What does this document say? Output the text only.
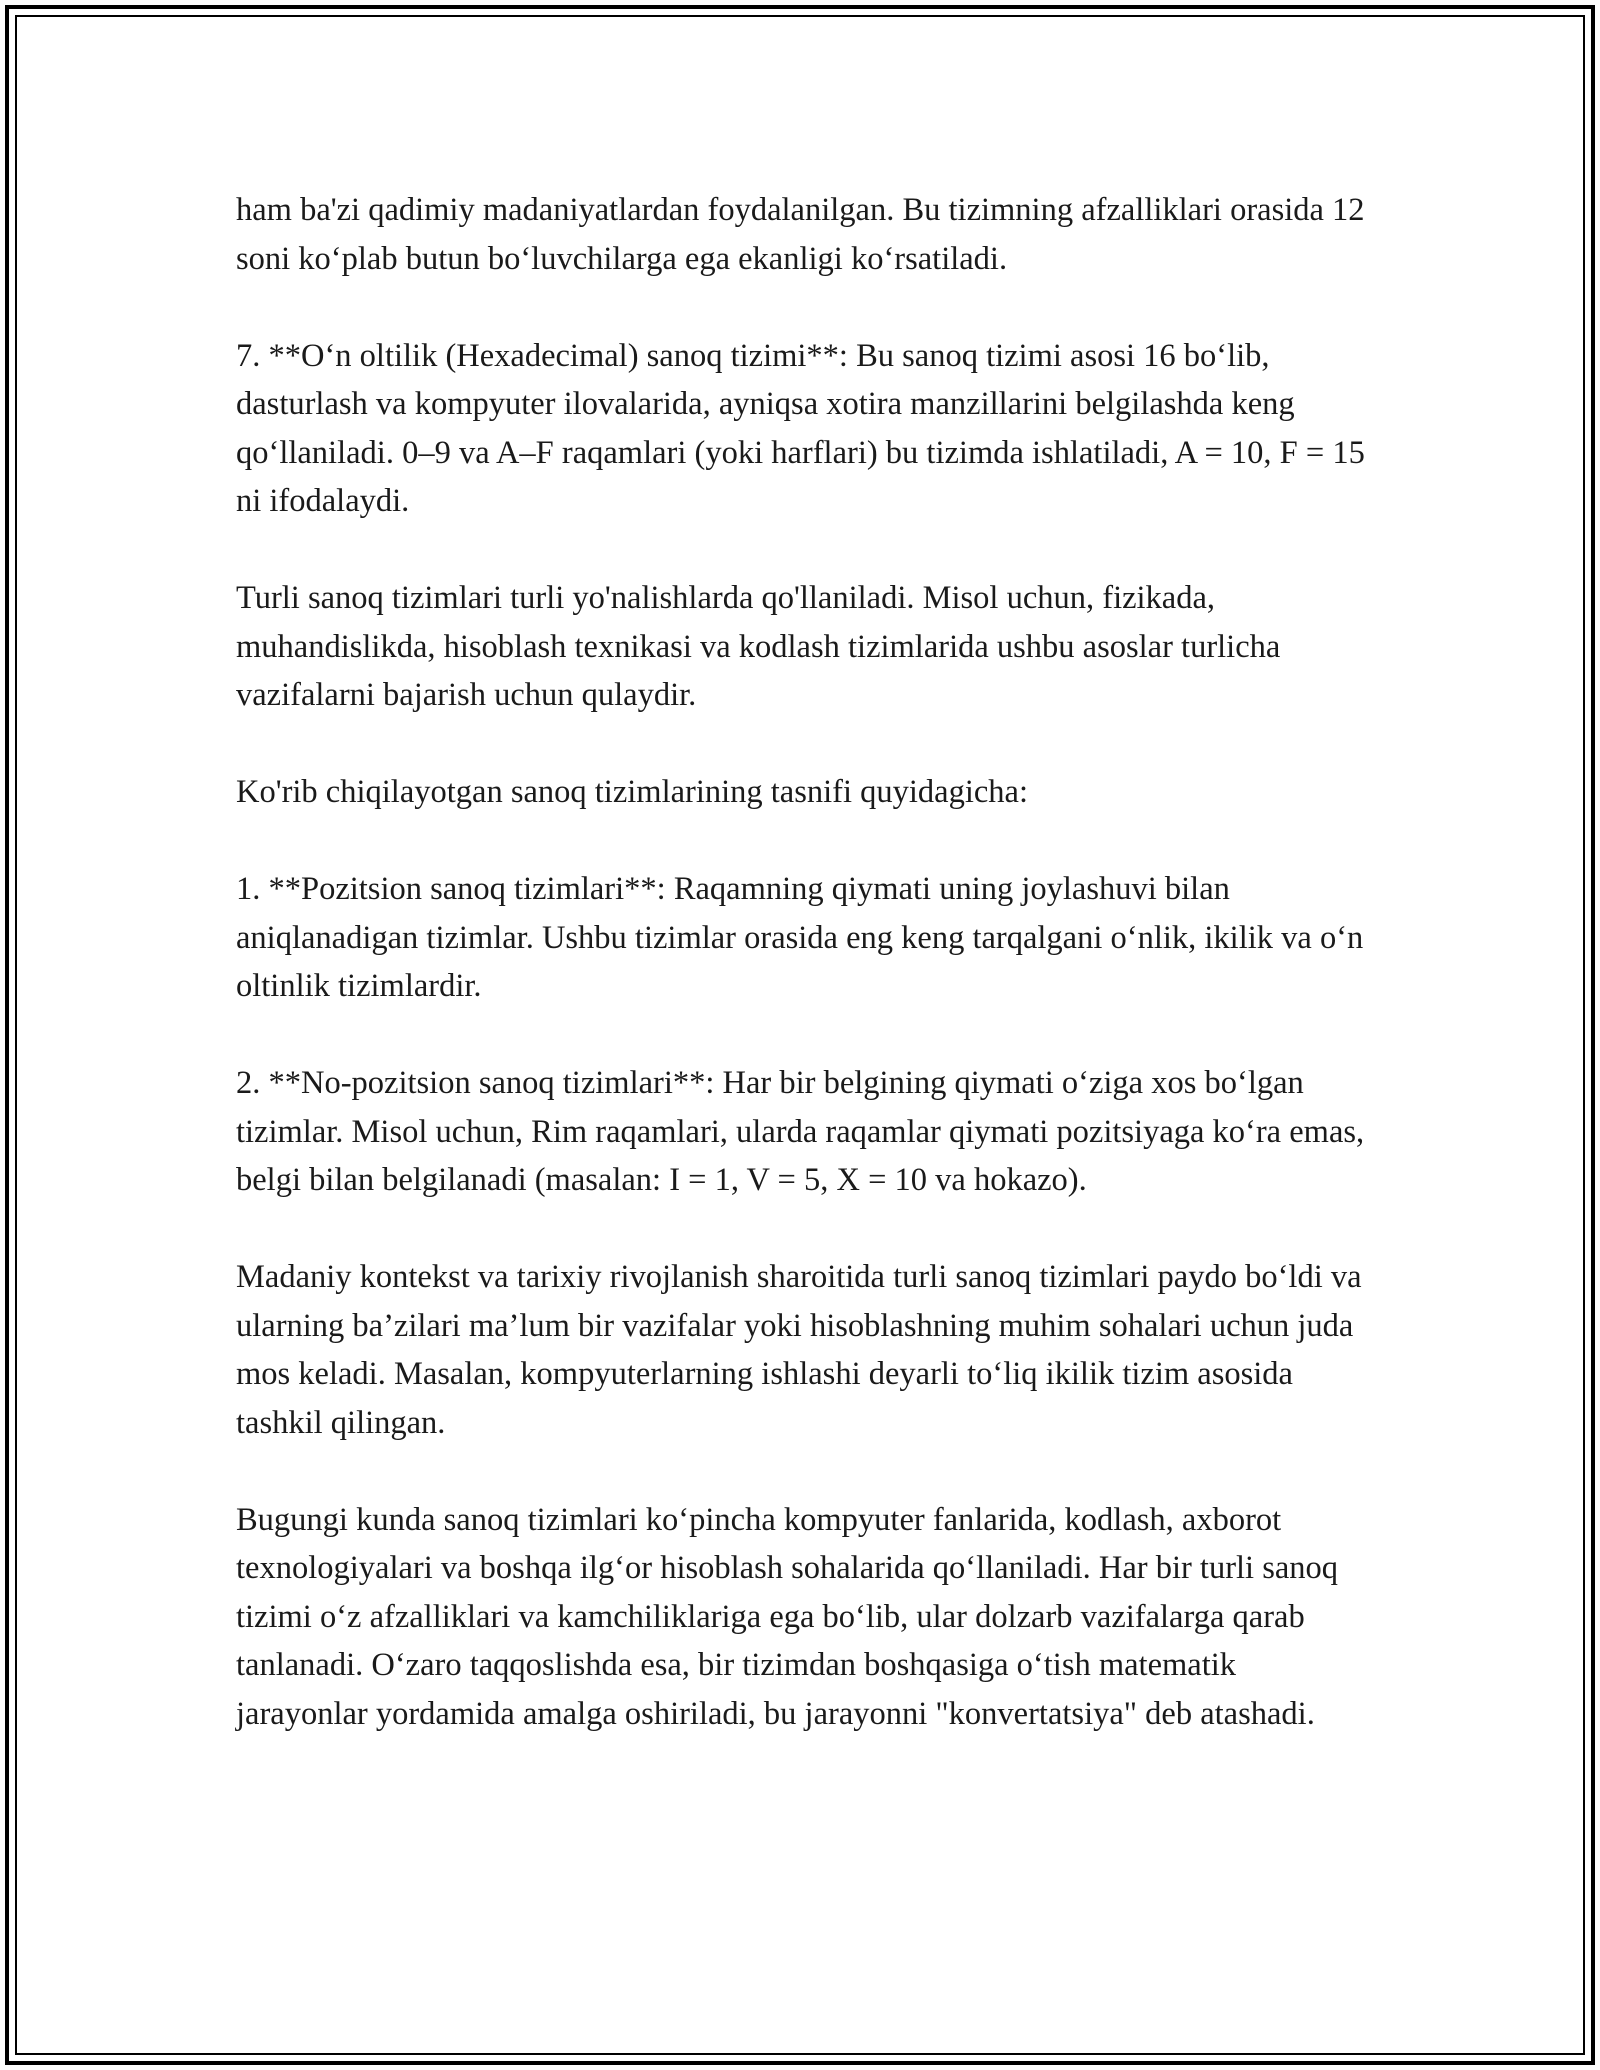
ham ba'zi qadimiy madaniyatlardan foydalanilgan. Bu tizimning afzalliklari orasida 12 soni ko‘plab butun bo‘luvchilarga ega ekanligi ko‘rsatiladi.

7. **O‘n oltilik (Hexadecimal) sanoq tizimi**: Bu sanoq tizimi asosi 16 bo‘lib, dasturlash va kompyuter ilovalarida, ayniqsa xotira manzillarini belgilashda keng qo‘llaniladi. 0–9 va A–F raqamlari (yoki harflari) bu tizimda ishlatiladi, A = 10, F = 15 ni ifodalaydi.

Turli sanoq tizimlari turli yo'nalishlarda qo'llaniladi. Misol uchun, fizikada, muhandislikda, hisoblash texnikasi va kodlash tizimlarida ushbu asoslar turlicha vazifalarni bajarish uchun qulaydir.

Ko'rib chiqilayotgan sanoq tizimlarining tasnifi quyidagicha:

1. **Pozitsion sanoq tizimlari**: Raqamning qiymati uning joylashuvi bilan aniqlanadigan tizimlar. Ushbu tizimlar orasida eng keng tarqalgani o‘nlik, ikilik va o‘n oltinlik tizimlardir.

2. **No-pozitsion sanoq tizimlari**: Har bir belgining qiymati o‘ziga xos bo‘lgan tizimlar. Misol uchun, Rim raqamlari, ularda raqamlar qiymati pozitsiyaga ko‘ra emas, belgi bilan belgilanadi (masalan: I = 1, V = 5, X = 10 va hokazo).

Madaniy kontekst va tarixiy rivojlanish sharoitida turli sanoq tizimlari paydo bo‘ldi va ularning ba’zilari ma’lum bir vazifalar yoki hisoblashning muhim sohalari uchun juda mos keladi. Masalan, kompyuterlarning ishlashi deyarli to‘liq ikilik tizim asosida tashkil qilingan.

Bugungi kunda sanoq tizimlari ko‘pincha kompyuter fanlarida, kodlash, axborot texnologiyalari va boshqa ilg‘or hisoblash sohalarida qo‘llaniladi. Har bir turli sanoq tizimi o‘z afzalliklari va kamchiliklariga ega bo‘lib, ular dolzarb vazifalarga qarab tanlanadi. O‘zaro taqqoslishda esa, bir tizimdan boshqasiga o‘tish matematik jarayonlar yordamida amalga oshiriladi, bu jarayonni "konvertatsiya" deb atashadi.
